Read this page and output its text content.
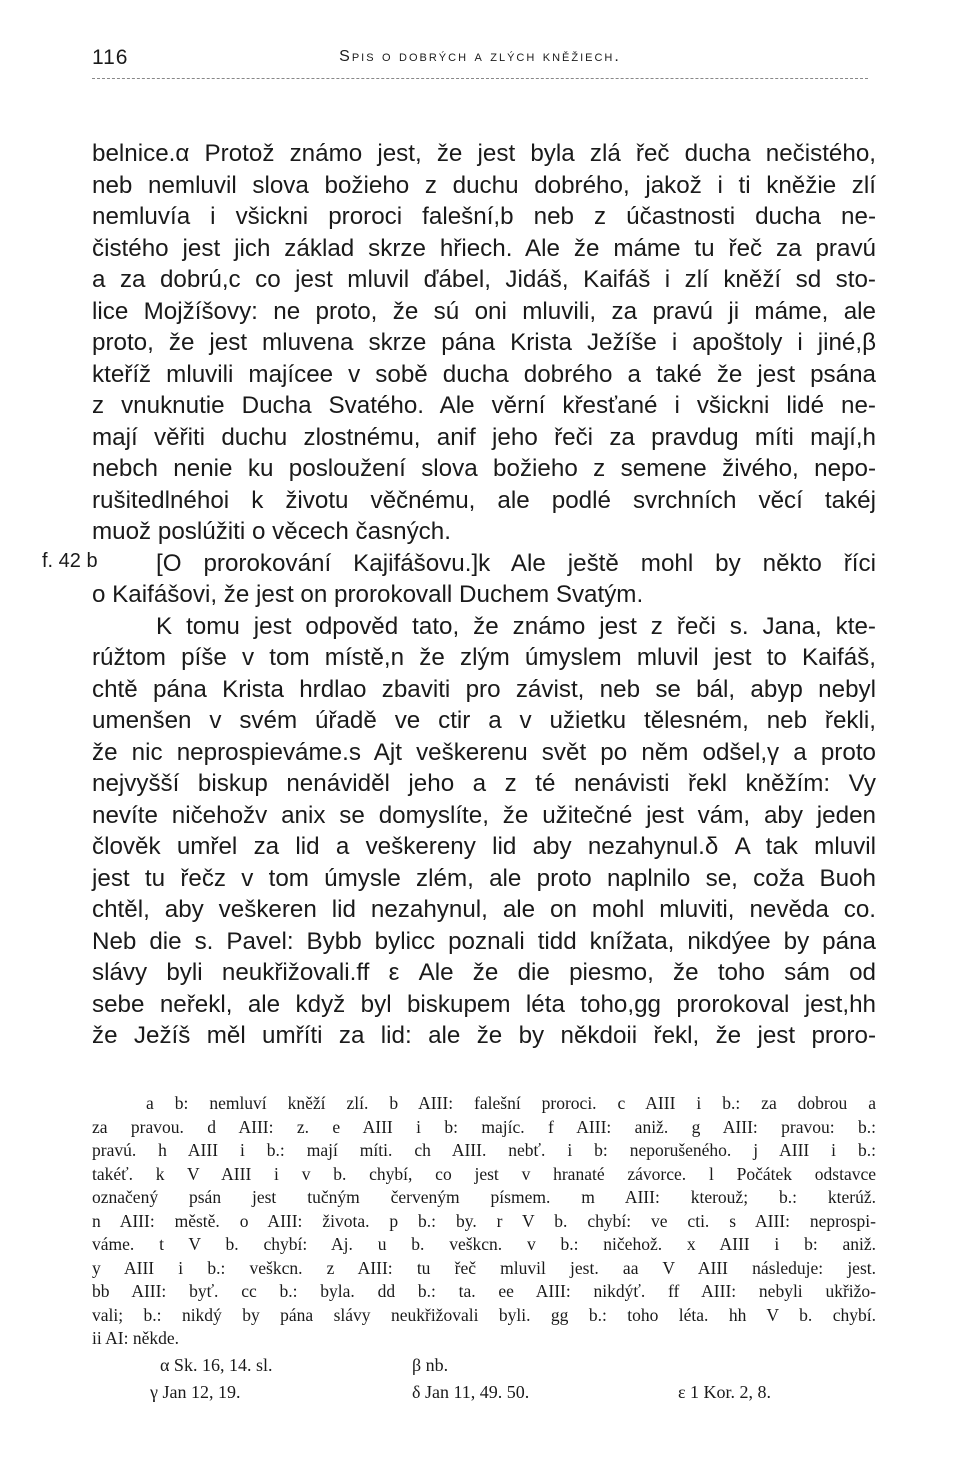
116	Spis o dobrých a zlých kněžiech.
f. 42 b
belnice.α Protož známo jest, že jest byla zlá řeč ducha nečistého,
neb nemluvil slova božieho z duchu dobrého, jakož i ti kněžie zlí
nemluvía i všickni proroci falešní,b neb z účastnosti ducha ne-
čistého jest jich základ skrze hřiech. Ale že máme tu řeč za pravú
a za dobrú,c co jest mluvil ďábel, Jidáš, Kaifáš i zlí kněží sd sto-
lice Mojžíšovy: ne proto, že sú oni mluvili, za pravú ji máme, ale
proto, že jest mluvena skrze pána Krista Ježíše i apoštoly i jiné,β
kteříž mluvili majícee v sobě ducha dobrého a také že jest psána
z vnuknutie Ducha Svatého. Ale věrní křesťané i všickni lidé ne-
mají věřiti duchu zlostnému, anif jeho řeči za pravdug míti mají,h
nebch nenie ku posloužení slova božieho z semene živého, nepo-
rušitedlnéhoi k životu věčnému, ale podlé svrchních věcí takéj
muož poslúžiti o věcech časných.
[O prorokování Kajifášovu.]k Ale ještě mohl by někto říci
o Kaifášovi, že jest on prorokovall Duchem Svatým.
K tomu jest odpověd tato, že známo jest z řeči s. Jana, kte-
rúžtom píše v tom místě,n že zlým úmyslem mluvil jest to Kaifáš,
chtě pána Krista hrdlao zbaviti pro závist, neb se bál, abyp nebyl
umenšen v svém úřadě ve ctir a v užietku tělesném, neb řekli,
že nic neprospieváme.s Ajt veškerenu svět po něm odšel,γ a proto
nejvyšší biskup nenáviděl jeho a z té nenávisti řekl kněžím: Vy
nevíte ničehožv anix se domyslíte, že užitečné jest vám, aby jeden
člověk umřel za lid a veškereny lid aby nezahynul.δ A tak mluvil
jest tu řečz v tom úmysle zlém, ale proto naplnilo se, coža Buoh
chtěl, aby veškeren lid nezahynul, ale on mohl mluviti, nevěda co.
Neb die s. Pavel: Bybb bylicc poznali tidd knížata, nikdýee by pána
slávy byli neukřižovali.ff ε Ale že die piesmo, že toho sám od
sebe neřekl, ale když byl biskupem léta toho,gg prorokoval jest,hh
že Ježíš měl umříti za lid: ale že by někdoii řekl, že jest proro-
a b: nemluví kněží zlí. b AIII: falešní proroci. c AIII i b.: za dobrou a
za pravou. d AIII: z. e AIII i b: majíc. f AIII: aniž. g AIII: pravou: b.:
pravú. h AIII i b.: mají míti. ch AIII. nebť. i b: neporušeného. j AIII i b.:
takéť. k V AIII i v b. chybí, co jest v hranaté závorce. l Počátek odstavce
označený psán jest tučným červeným písmem. m AIII: kterouž; b.: kterúž.
n AIII: městě. o AIII: života. p b.: by. r V b. chybí: ve cti. s AIII: neprospi-
váme. t V b. chybí: Aj. u b. veškcn. v b.: ničehož. x AIII i b: aniž.
y AIII i b.: veškcn. z AIII: tu řeč mluvil jest. aa V AIII následuje: jest.
bb AIII: byť. cc b.: byla. dd b.: ta. ee AIII: nikdýť. ff AIII: nebyli ukřižo-
vali; b.: nikdý by pána slávy neukřižovali byli. gg b.: toho léta. hh V b. chybí.
ii AI: někde.
α Sk. 16, 14. sl.	β nb.
γ Jan 12, 19.	δ Jan 11, 49. 50.	ε 1 Kor. 2, 8.
